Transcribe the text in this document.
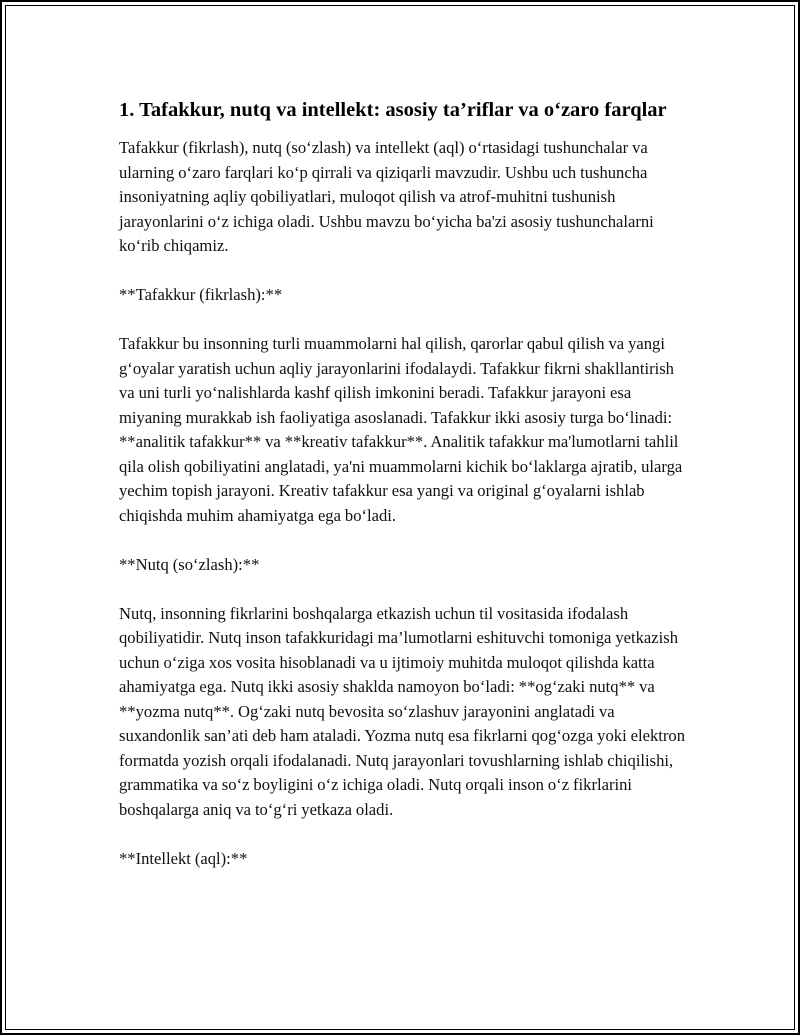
1. Tafakkur, nutq va intellekt: asosiy ta’riflar va o‘zaro farqlar

Tafakkur (fikrlash), nutq (so‘zlash) va intellekt (aql) o‘rtasidagi tushunchalar va ularning o‘zaro farqlari ko‘p qirrali va qiziqarli mavzudir. Ushbu uch tushuncha insoniyatning aqliy qobiliyatlari, muloqot qilish va atrof-muhitni tushunish jarayonlarini o‘z ichiga oladi. Ushbu mavzu bo‘yicha ba'zi asosiy tushunchalarni ko‘rib chiqamiz.

**Tafakkur (fikrlash):**

Tafakkur bu insonning turli muammolarni hal qilish, qarorlar qabul qilish va yangi g‘oyalar yaratish uchun aqliy jarayonlarini ifodalaydi. Tafakkur fikrni shakllantirish va uni turli yo‘nalishlarda kashf qilish imkonini beradi. Tafakkur jarayoni esa miyaning murakkab ish faoliyatiga asoslanadi. Tafakkur ikki asosiy turga bo‘linadi: **analitik tafakkur** va **kreativ tafakkur**. Analitik tafakkur ma'lumotlarni tahlil qila olish qobiliyatini anglatadi, ya'ni muammolarni kichik bo‘laklarga ajratib, ularga yechim topish jarayoni. Kreativ tafakkur esa yangi va original g‘oyalarni ishlab chiqishda muhim ahamiyatga ega bo‘ladi.

**Nutq (so‘zlash):**

Nutq, insonning fikrlarini boshqalarga etkazish uchun til vositasida ifodalash qobiliyatidir. Nutq inson tafakkuridagi ma’lumotlarni eshituvchi tomoniga yetkazish uchun o‘ziga xos vosita hisoblanadi va u ijtimoiy muhitda muloqot qilishda katta ahamiyatga ega. Nutq ikki asosiy shaklda namoyon bo‘ladi: **og‘zaki nutq** va **yozma nutq**. Og‘zaki nutq bevosita so‘zlashuv jarayonini anglatadi va suxandonlik san’ati deb ham ataladi. Yozma nutq esa fikrlarni qog‘ozga yoki elektron formatda yozish orqali ifodalanadi. Nutq jarayonlari tovushlarning ishlab chiqilishi, grammatika va so‘z boyligini o‘z ichiga oladi. Nutq orqali inson o‘z fikrlarini boshqalarga aniq va to‘g‘ri yetkaza oladi.

**Intellekt (aql):**
